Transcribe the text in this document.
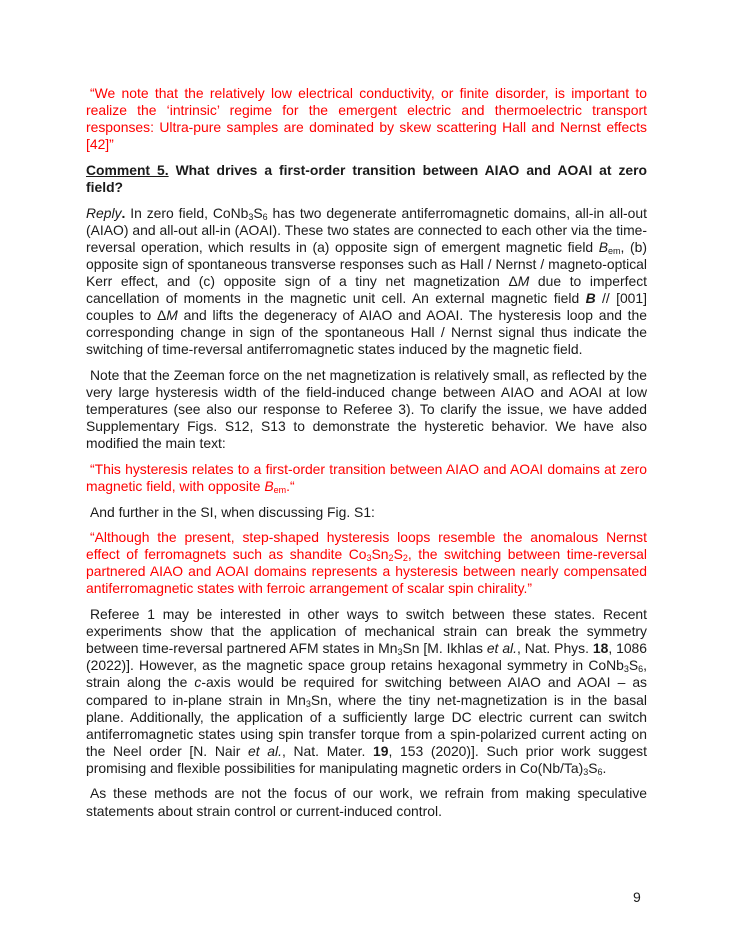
“We note that the relatively low electrical conductivity, or finite disorder, is important to realize the ‘intrinsic’ regime for the emergent electric and thermoelectric transport responses: Ultra-pure samples are dominated by skew scattering Hall and Nernst effects [42]”

Comment 5. What drives a first-order transition between AIAO and AOAI at zero field?

Reply. In zero field, $CoNb_3S_6$ has two degenerate antiferromagnetic domains, all-in all-out (AIAO) and all-out all-in (AOAI). These two states are connected to each other via the time-reversal operation, which results in (a) opposite sign of emergent magnetic field $B_{em}$, (b) opposite sign of spontaneous transverse responses such as Hall / Nernst / magneto-optical Kerr effect, and (c) opposite sign of a tiny net magnetization ΔM due to imperfect cancellation of moments in the magnetic unit cell. An external magnetic field B // [001] couples to ΔM and lifts the degeneracy of AIAO and AOAI. The hysteresis loop and the corresponding change in sign of the spontaneous Hall / Nernst signal thus indicate the switching of time-reversal antiferromagnetic states induced by the magnetic field.

Note that the Zeeman force on the net magnetization is relatively small, as reflected by the very large hysteresis width of the field-induced change between AIAO and AOAI at low temperatures (see also our response to Referee 3). To clarify the issue, we have added Supplementary Figs. S12, S13 to demonstrate the hysteretic behavior. We have also modified the main text:

“This hysteresis relates to a first-order transition between AIAO and AOAI domains at zero magnetic field, with opposite $B_{em}.“$

And further in the SI, when discussing Fig. S1:

“Although the present, step-shaped hysteresis loops resemble the anomalous Nernst effect of ferromagnets such as shandite $Co_3Sn_2S_2$, the switching between time-reversal partnered AIAO and AOAI domains represents a hysteresis between nearly compensated antiferromagnetic states with ferroic arrangement of scalar spin chirality.”

Referee 1 may be interested in other ways to switch between these states. Recent experiments show that the application of mechanical strain can break the symmetry between time-reversal partnered AFM states in $Mn_3Sn$ [M. Ikhlas et al., Nat. Phys. 18, 1086 (2022)]. However, as the magnetic space group retains hexagonal symmetry in $CoNb_3S_6$, strain along the c-axis would be required for switching between AIAO and AOAI – as compared to in-plane strain in $Mn_3Sn$, where the tiny net-magnetization is in the basal plane. Additionally, the application of a sufficiently large DC electric current can switch antiferromagnetic states using spin transfer torque from a spin-polarized current acting on the Neel order [N. Nair et al., Nat. Mater. 19, 153 (2020)]. Such prior work suggest promising and flexible possibilities for manipulating magnetic orders in $Co(Nb/Ta)_3S_6$.

As these methods are not the focus of our work, we refrain from making speculative statements about strain control or current-induced control.

9
